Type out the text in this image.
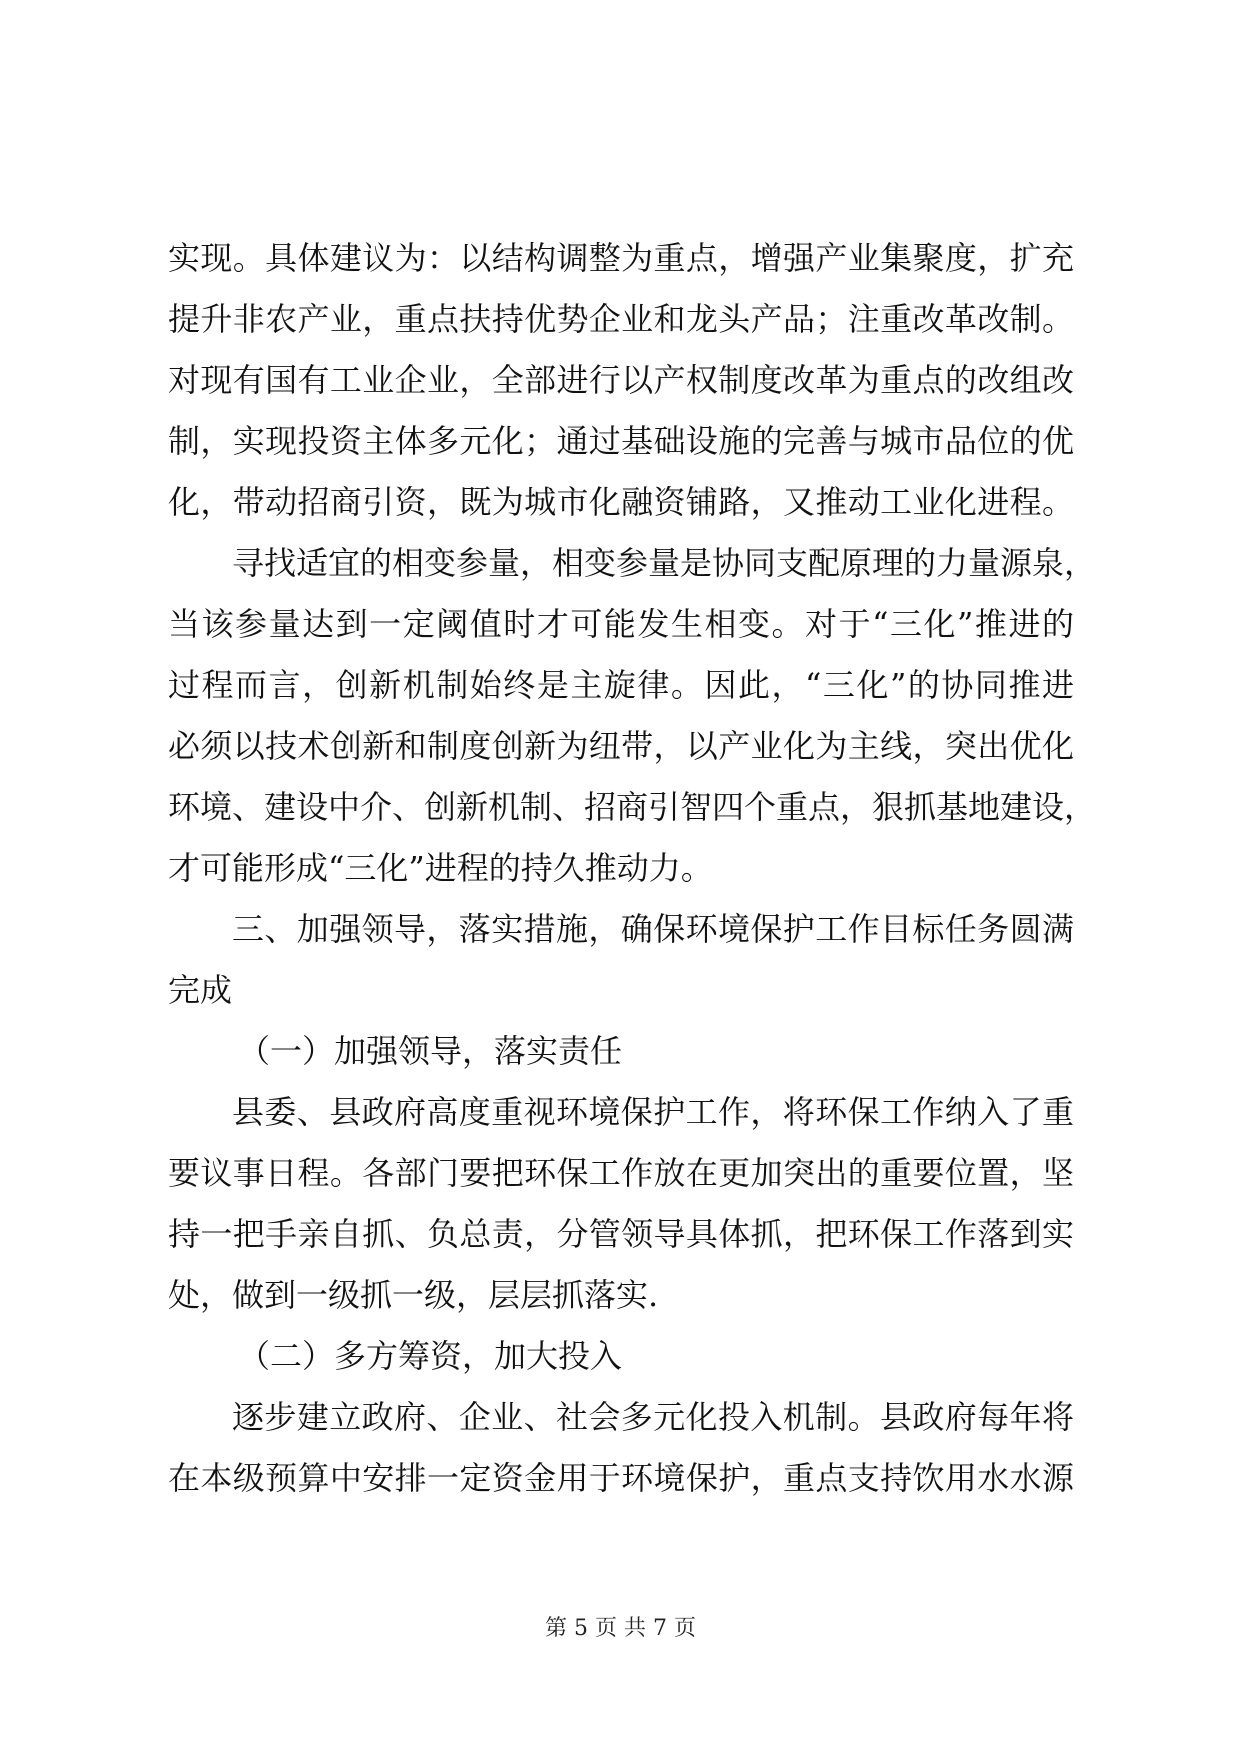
实现。具体建议为：以结构调整为重点，增强产业集聚度，扩充
提升非农产业，重点扶持优势企业和龙头产品；注重改革改制。
对现有国有工业企业，全部进行以产权制度改革为重点的改组改
制，实现投资主体多元化；通过基础设施的完善与城市品位的优
化，带动招商引资，既为城市化融资铺路，又推动工业化进程。
寻找适宜的相变参量，相变参量是协同支配原理的力量源泉，
当该参量达到一定阈值时才可能发生相变。对于“三化”推进的
过程而言，创新机制始终是主旋律。因此，“三化”的协同推进
必须以技术创新和制度创新为纽带，以产业化为主线，突出优化
环境、建设中介、创新机制、招商引智四个重点，狠抓基地建设，
才可能形成“三化”进程的持久推动力。
三、加强领导，落实措施，确保环境保护工作目标任务圆满
完成
（一）加强领导，落实责任
县委、县政府高度重视环境保护工作，将环保工作纳入了重
要议事日程。各部门要把环保工作放在更加突出的重要位置，坚
持一把手亲自抓、负总责，分管领导具体抓，把环保工作落到实
处，做到一级抓一级，层层抓落实.
（二）多方筹资，加大投入
逐步建立政府、企业、社会多元化投入机制。县政府每年将
在本级预算中安排一定资金用于环境保护，重点支持饮用水水源
第 5 页 共 7 页
